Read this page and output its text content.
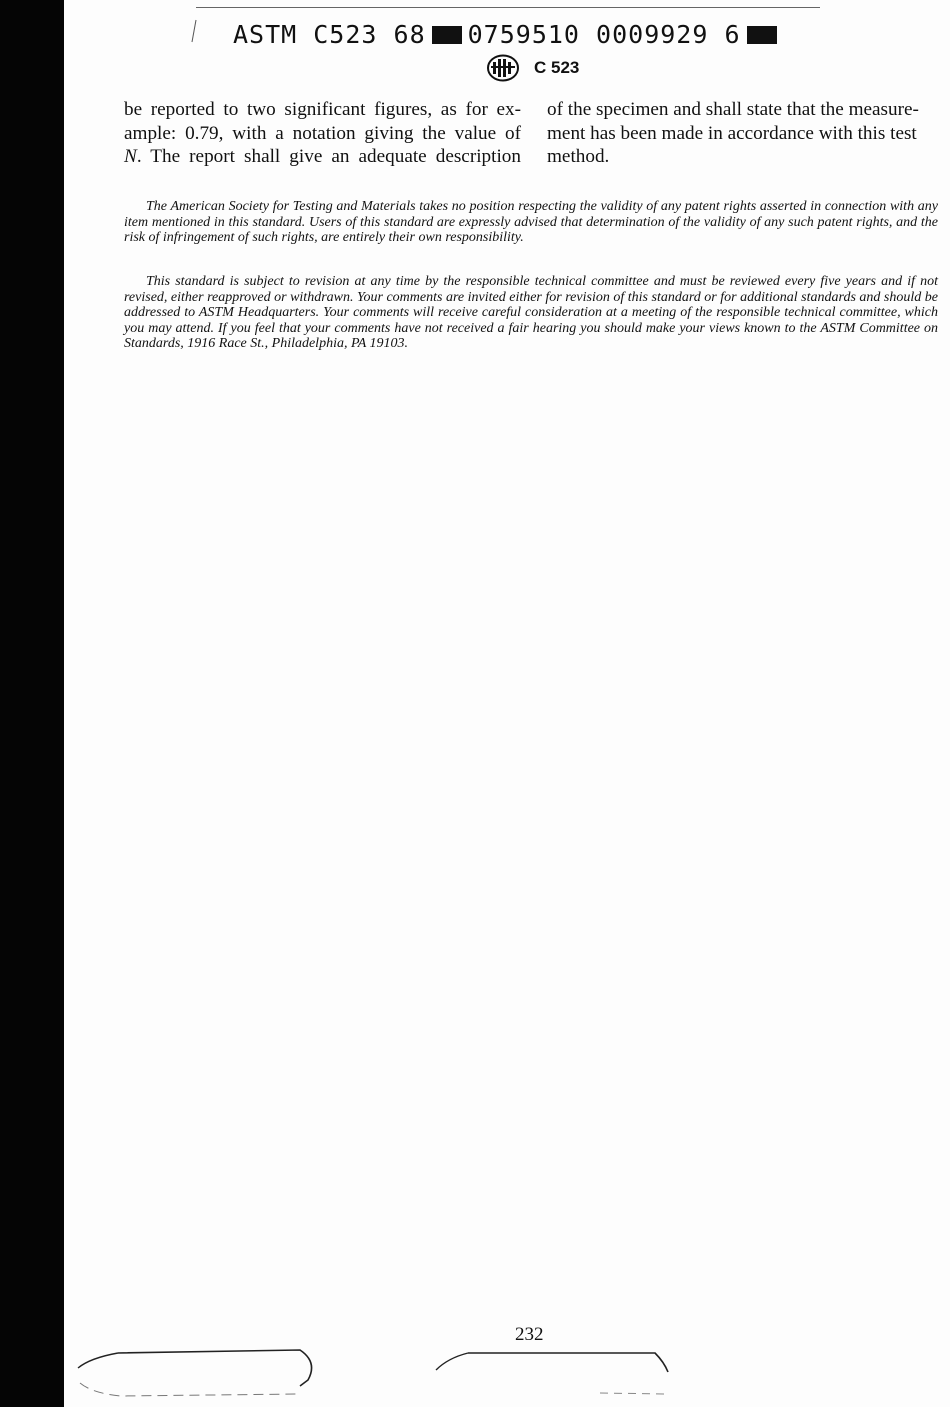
ASTM C523 68 0759510 0009929 6
C 523
be reported to two significant figures, as for ex-
ample: 0.79, with a notation giving the value of
N. The report shall give an adequate description
of the specimen and shall state that the measure-
ment has been made in accordance with this test
method.

The American Society for Testing and Materials takes no position respecting the validity of any patent rights asserted in connection with any item mentioned in this standard. Users of this standard are expressly advised that determination of the validity of any such patent rights, and the risk of infringement of such rights, are entirely their own responsibility.

This standard is subject to revision at any time by the responsible technical committee and must be reviewed every five years and if not revised, either reapproved or withdrawn. Your comments are invited either for revision of this standard or for additional standards and should be addressed to ASTM Headquarters. Your comments will receive careful consideration at a meeting of the responsible technical committee, which you may attend. If you feel that your comments have not received a fair hearing you should make your views known to the ASTM Committee on Standards, 1916 Race St., Philadelphia, PA 19103.

232
